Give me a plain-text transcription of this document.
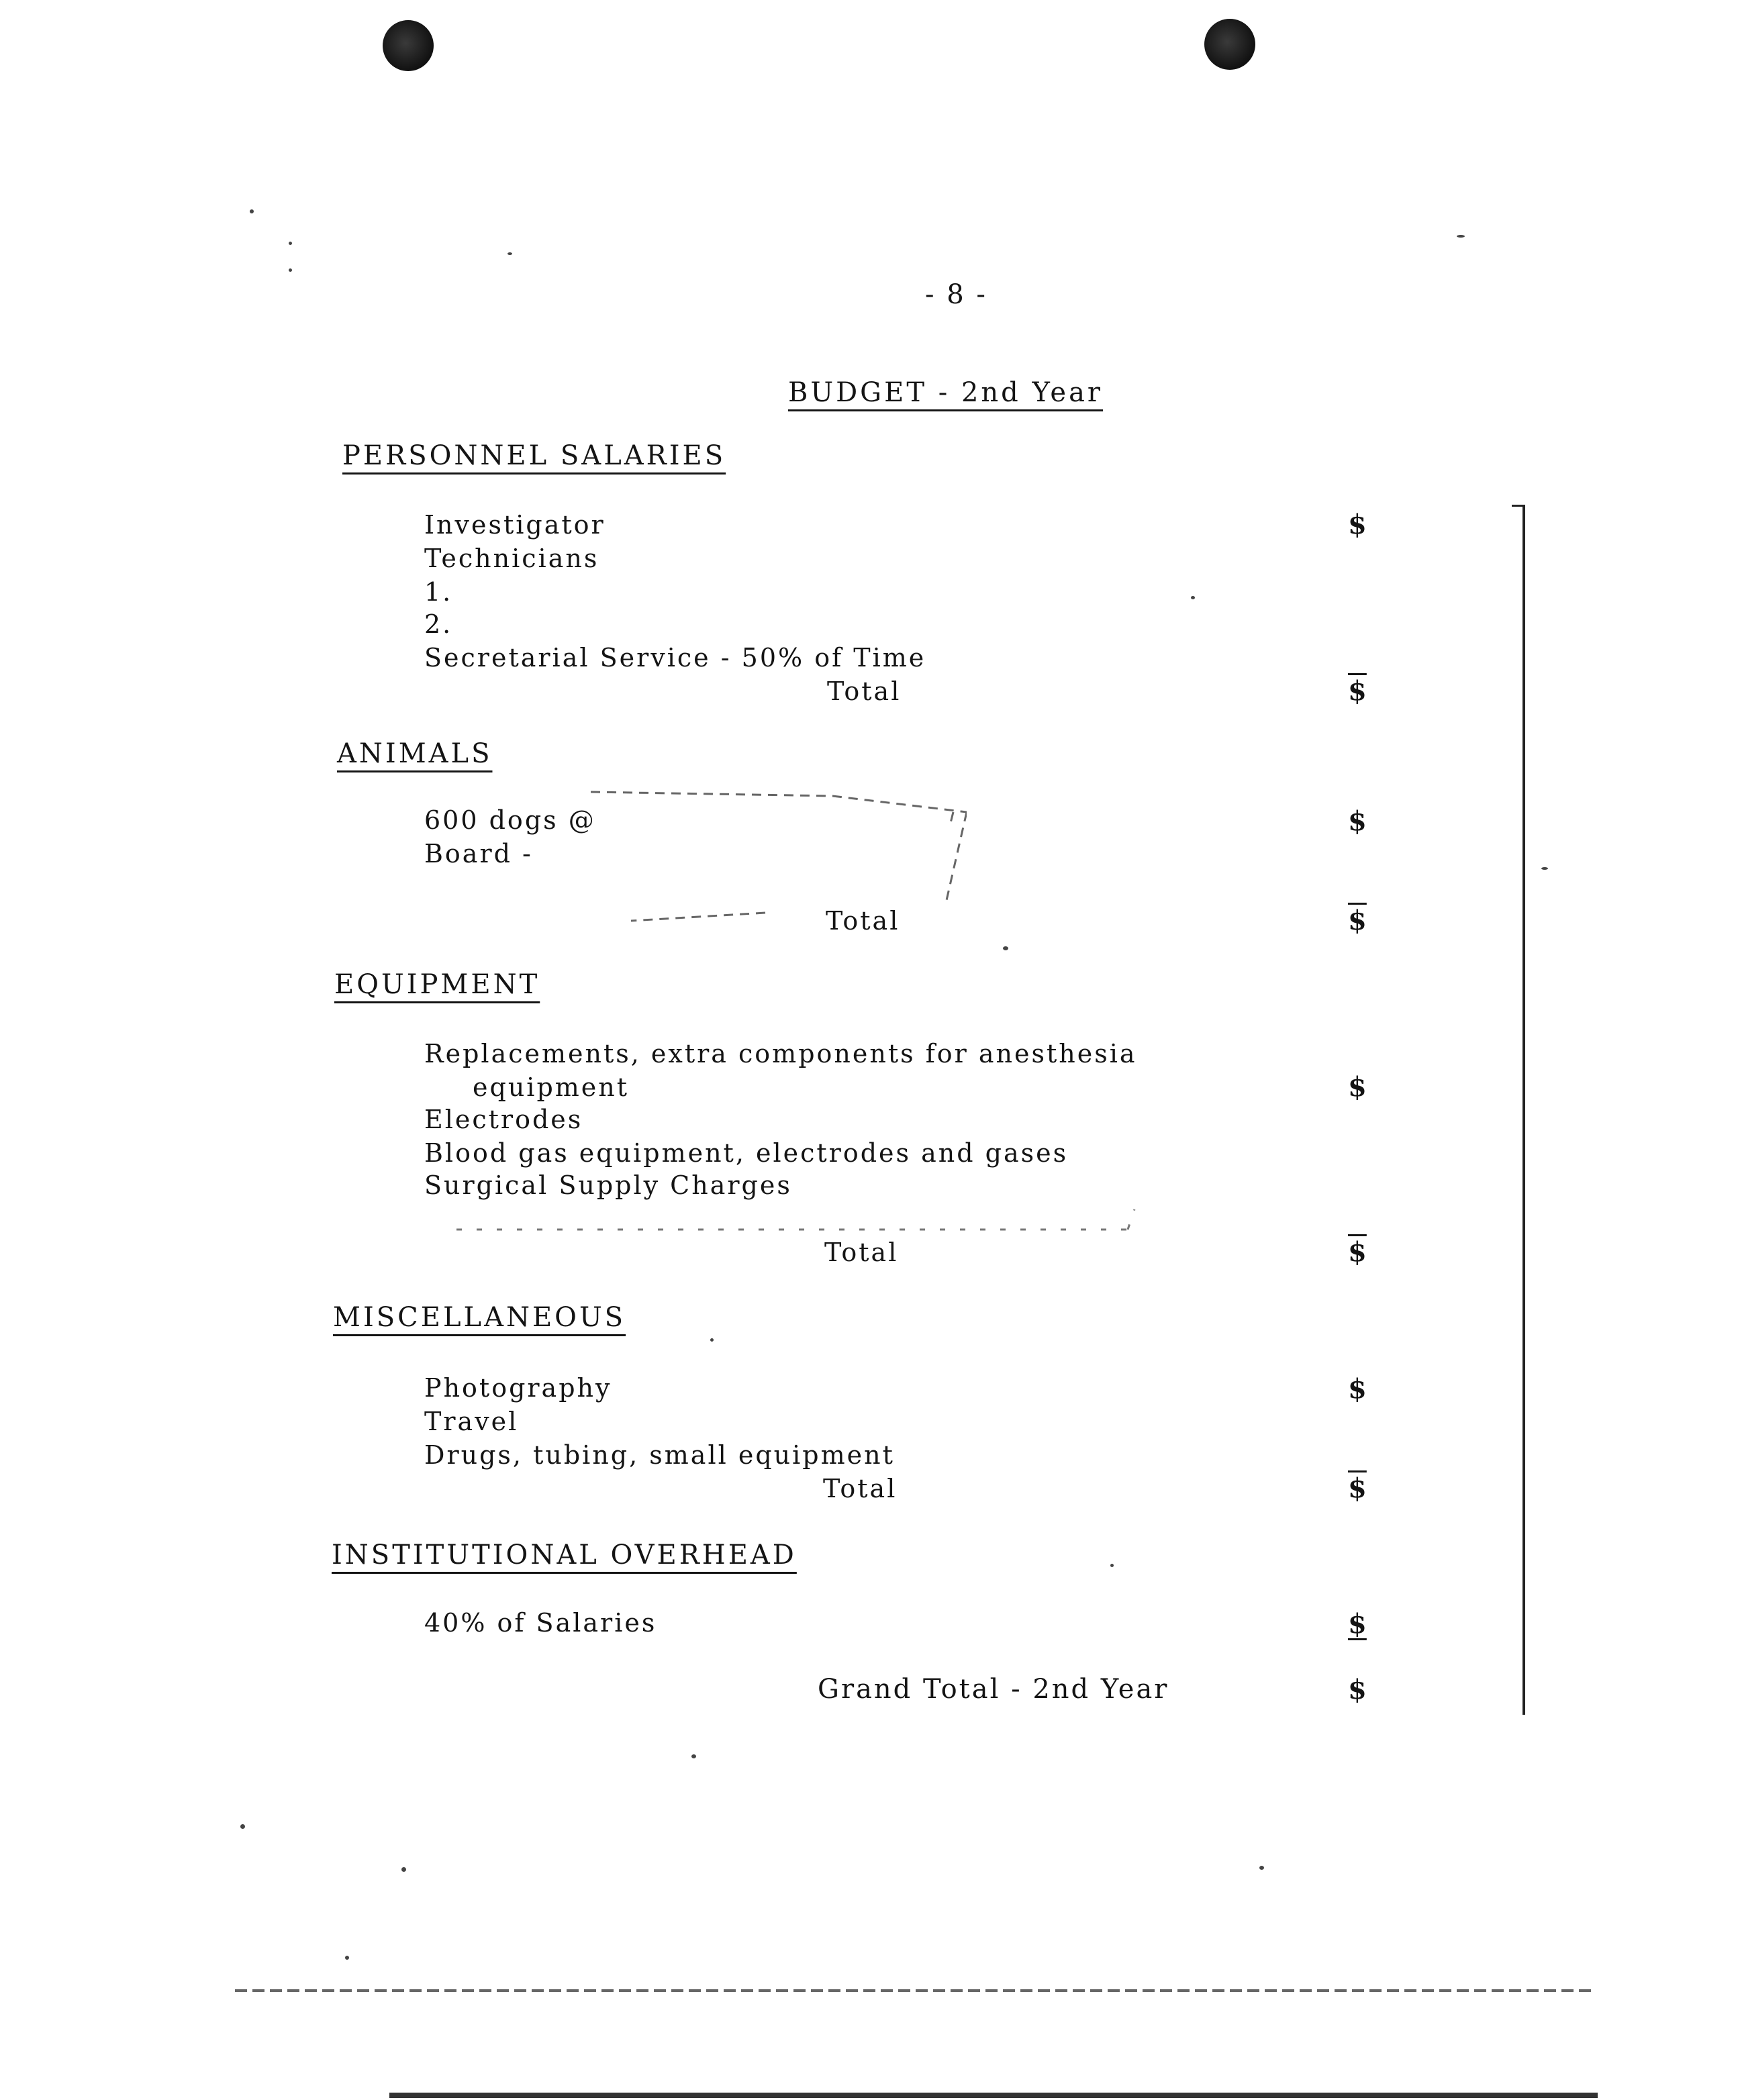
- 8 -
BUDGET - 2nd Year
PERSONNEL SALARIES
Investigator
Technicians
1.
2.
Secretarial Service - 50% of Time
Total
$
$
ANIMALS
600 dogs @
Board -
Total
$
$
EQUIPMENT
Replacements, extra components for anesthesia
equipment
Electrodes
Blood gas equipment, electrodes and gases
Surgical Supply Charges
Total
$
$
MISCELLANEOUS
Photography
Travel
Drugs, tubing, small equipment
Total
$
$
INSTITUTIONAL OVERHEAD
40% of Salaries	$
Grand Total - 2nd Year	$
